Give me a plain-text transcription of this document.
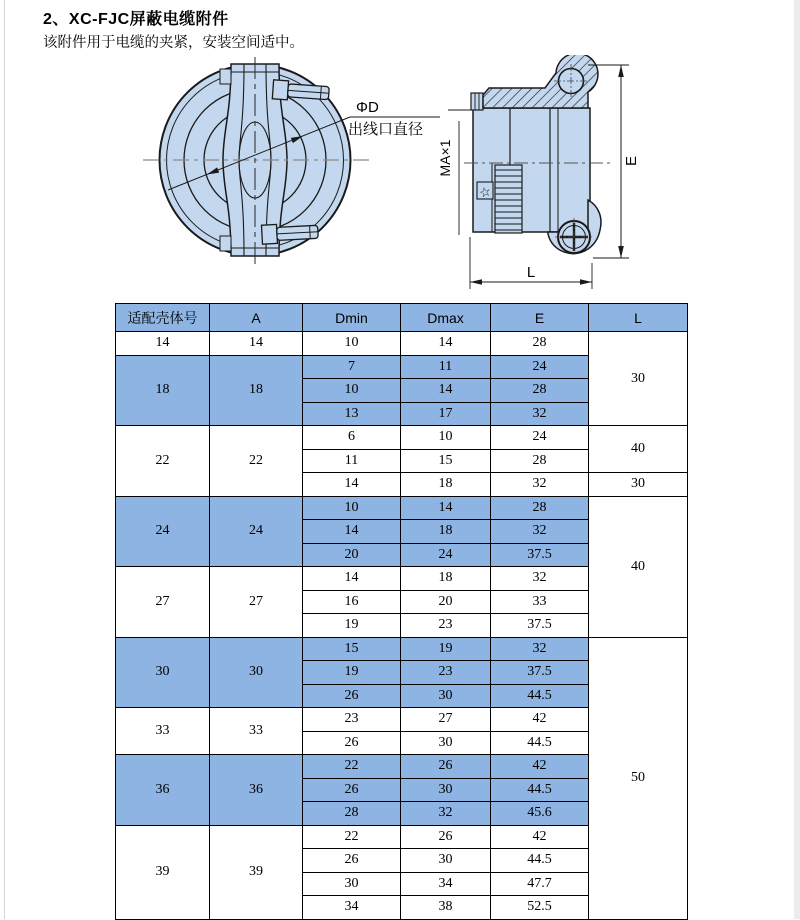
2、XC-FJC屏蔽电缆附件
该附件用于电缆的夹紧，安装空间适中。
ΦD
出线口直径
☆
MA×1	E
L
适配壳体号	A	Dmin	Dmax	E	L
14	14	10	14	28	30
18	18	7	11	24	
		10	14	28	
		13	17	32	
22	22	6	10	24	40
		11	15	28	
		14	18	32	30
24	24	10	14	28	40
		14	18	32	
		20	24	37.5	
27	27	14	18	32	
		16	20	33	
		19	23	37.5	
30	30	15	19	32	50
		19	23	37.5	
		26	30	44.5	
33	33	23	27	42	
		26	30	44.5	
36	36	22	26	42	
		26	30	44.5	
		28	32	45.6	
39	39	22	26	42	
		26	30	44.5	
		30	34	47.7	
		34	38	52.5	
